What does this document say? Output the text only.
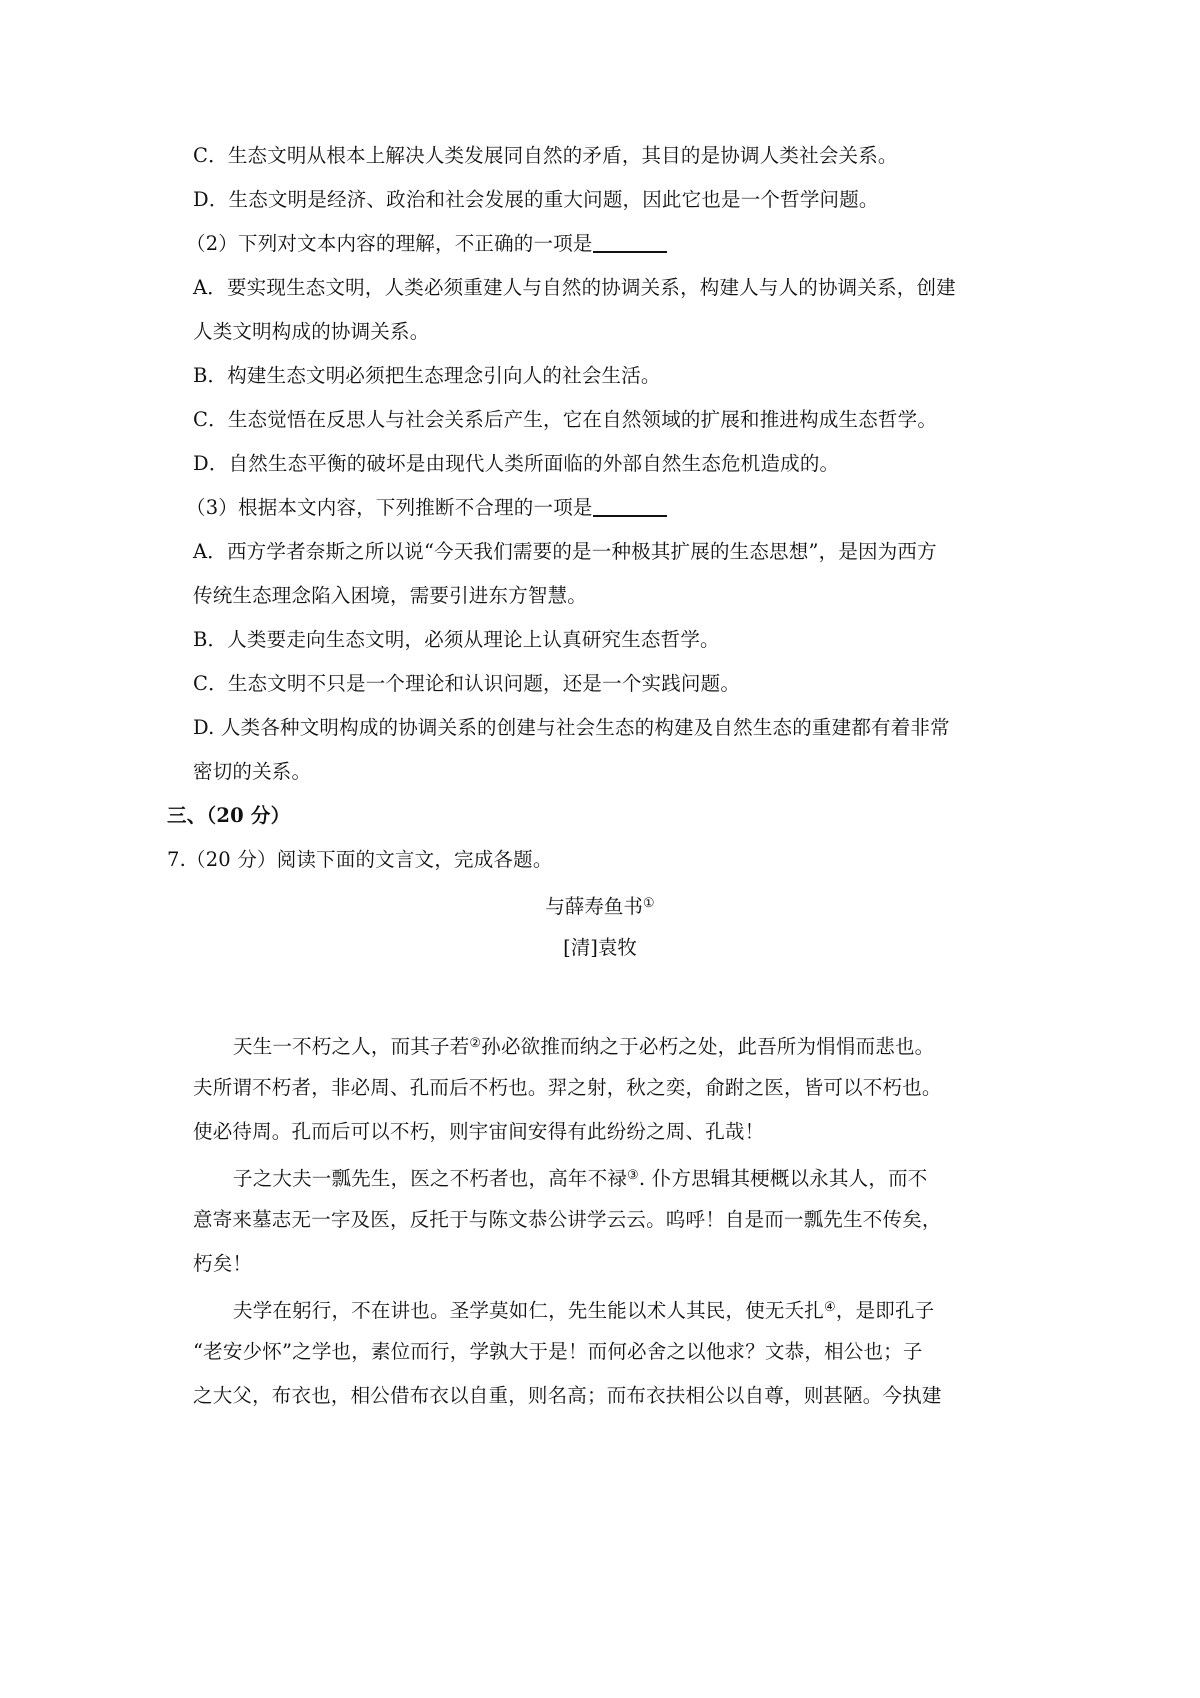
C．生态文明从根本上解决人类发展同自然的矛盾，其目的是协调人类社会关系。
D．生态文明是经济、政治和社会发展的重大问题，因此它也是一个哲学问题。
（2）下列对文本内容的理解，不正确的一项是
A．要实现生态文明，人类必须重建人与自然的协调关系，构建人与人的协调关系，创建
人类文明构成的协调关系。
B．构建生态文明必须把生态理念引向人的社会生活。
C．生态觉悟在反思人与社会关系后产生，它在自然领域的扩展和推进构成生态哲学。
D．自然生态平衡的破坏是由现代人类所面临的外部自然生态危机造成的。
（3）根据本文内容，下列推断不合理的一项是
A．西方学者奈斯之所以说“今天我们需要的是一种极其扩展的生态思想”，是因为西方
传统生态理念陷入困境，需要引进东方智慧。
B．人类要走向生态文明，必须从理论上认真研究生态哲学。
C．生态文明不只是一个理论和认识问题，还是一个实践问题。
D. 人类各种文明构成的协调关系的创建与社会生态的构建及自然生态的重建都有着非常
密切的关系。
三、（20 分）
7.（20 分）阅读下面的文言文，完成各题。
与薛寿鱼书①
[清]袁牧
天生一不朽之人，而其子若②孙必欲推而纳之于必朽之处，此吾所为悁悁而悲也。
夫所谓不朽者，非必周、孔而后不朽也。羿之射，秋之奕，俞跗之医，皆可以不朽也。
使必待周。孔而后可以不朽，则宇宙间安得有此纷纷之周、孔哉！
子之大夫一瓢先生，医之不朽者也，高年不禄③. 仆方思辑其梗概以永其人，而不
意寄来墓志无一字及医，反托于与陈文恭公讲学云云。呜呼！自是而一瓢先生不传矣，
朽矣！
夫学在躬行，不在讲也。圣学莫如仁，先生能以术人其民，使无夭扎④，是即孔子
“老安少怀”之学也，素位而行，学孰大于是！而何必舍之以他求？文恭，相公也；子
之大父，布衣也，相公借布衣以自重，则名高；而布衣扶相公以自尊，则甚陋。今执建
